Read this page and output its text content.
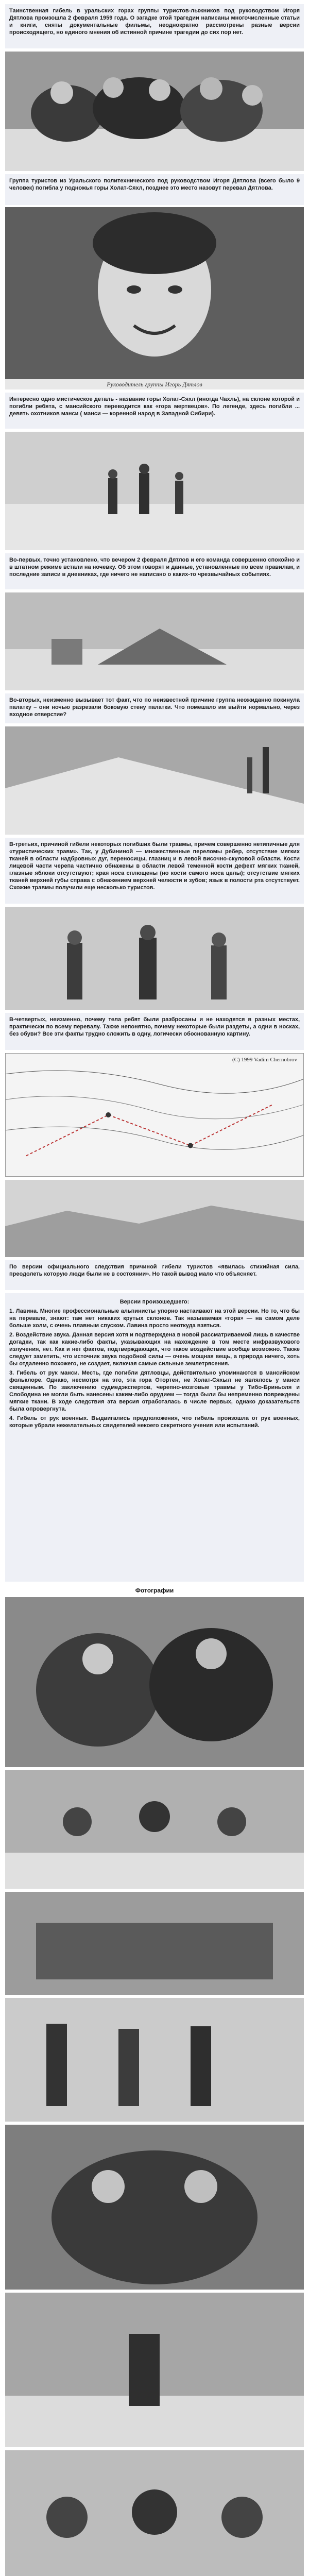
Таинственная гибель в уральских горах группы туристов-лыжников под руководством Игоря Дятлова произошла 2 февраля 1959 года. О загадке этой трагедии написаны многочисленные статьи и книги, сняты документальные фильмы, неоднократно рассмотрены разные версии происходящего, но единого мнения об истинной причине трагедии до сих пор нет.
Группа туристов из Уральского политехнического под руководством Игоря Дятлова (всего было 9 человек) погибла у подножья горы Холат-Сяхл, позднее это место назовут перевал Дятлова.
Руководитель группы Игорь Дятлов
Интересно одно мистическое деталь - название горы Холат-Сяхл (иногда Чахль), на склоне которой и погибли ребята, с мансийского переводится как «гора мертвецов». По легенде, здесь погибли ... девять охотников манси ( манси — коренной народ в Западной Сибири).
Во-первых, точно установлено, что вечером 2 февраля Дятлов и его команда совершенно спокойно и в штатном режиме встали на ночевку. Об этом говорят и данные, установленные по всем правилам, и последние записи в дневниках, где ничего не написано о каких-то чрезвычайных событиях.
Во-вторых, неизменно вызывает тот факт, что по неизвестной причине группа неожиданно покинула палатку – они ночью разрезали боковую стену палатки. Что помешало им выйти нормально, через входное отверстие?
В-третьих, причиной гибели некоторых погибших были травмы, причем совершенно нетипичные для «туристических травм». Так, у Дубининой — множественные переломы ребер, отсутствие мягких тканей в области надбровных дуг, переносицы, глазниц и в левой височно-скуловой области. Кости лицевой части черепа частично обнажены в области левой теменной кости дефект мягких тканей, глазные яблоки отсутствуют; края носа сплющены (но кости самого носа целы); отсутствие мягких тканей верхней губы справа с обнажением верхней челюсти и зубов; язык в полости рта отсутствует. Схожие травмы получили еще несколько туристов.
В-четвертых, неизменно, почему тела ребят были разбросаны и не находятся в разных местах, практически по всему перевалу. Также непонятно, почему некоторые были раздеты, а одни в носках, без обуви? Все эти факты трудно сложить в одну, логически обоснованную картину.
(C) 1999 Vadim Chernobrov
По версии официального следствия причиной гибели туристов «явилась стихийная сила, преодолеть которую люди были не в состоянии». Но такой вывод мало что объясняет.
Версии произошедшего:

1. Лавина. Многие профессиональные альпинисты упорно настаивают на этой версии. Но то, что бы на перевале, знают: там нет никаких крутых склонов. Так называемая «гора» — на самом деле больше холм, с очень плавным спуском. Лавина просто неоткуда взяться.

2. Воздействие звука. Данная версия хотя и подтверждена в новой рассматриваемой лишь в качестве догадки, так как какие-либо факты, указывающих на нахождение в том месте инфразвукового излучения, нет. Как и нет фактов, подтверждающих, что такое воздействие вообще возможно. Также следует заметить, что источник звука подобной силы — очень мощная вещь, а природа ничего, хоть бы отдаленно похожего, не создает, включая самые сильные землетрясения.

3. Гибель от рук манси. Месть, где погибли дятловцы, действительно упоминаются в мансийском фольклоре. Однако, несмотря на это, эта гора Отортен, не Холат-Сяхыл не являлось у манси священным. По заключению судмедэкспертов, черепно-мозговые травмы у Тибо-Бриньоля и Слободина не могли быть нанесены каким-либо орудием — тогда были бы непременно повреждены мягкие ткани. В ходе следствия эта версия отработалась в числе первых, однако доказательств была опровергнута.

4. Гибель от рук военных. Выдвигались предположения, что гибель произошла от рук военных, которые убрали нежелательных свидетелей некоего секретного учения или испытаний.

Фотографии
